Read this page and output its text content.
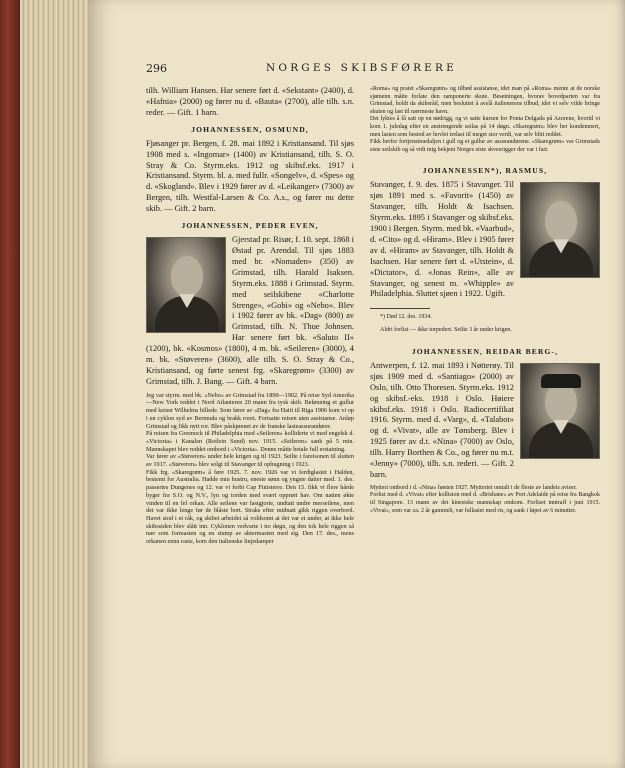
296	NORGES SKIBSFØRERE

tilh. William Hansen. Har senere ført d. «Sekstant» (2400), d. «Hafnia» (2000) og fører nu d. «Bauta» (2700), alle tilh. s.n. reder. — Gift. 1 barn.

JOHANNESSEN, OSMUND,

Fjøsanger pr. Bergen, f. 28. mai 1892 i Kristiansand. Til sjøs 1908 med s. «Ingomar» (1400) av Kristiansand, tilh. S. O. Stray & Co. Styrm.eks. 1912 og skibsf.eks. 1917 i Kristiansand. Styrm. bl. a. med fullr. «Songelv», d. «Spes» og d. «Skogland». Blev i 1929 fører av d. «Leikanger» (7300) av Bergen, tilh. Westfal-Larsen & Co. A.s., og fører nu dette skib. — Gift. 2 barn.

JOHANNESSEN, PEDER EVEN,

Gjerstad pr. Risør, f. 10. sept. 1868 i Østad pr. Arendal. Til sjøs 1883 med br. «Nomaden» (350) av Grimstad, tilh. Harald Isaksen. Styrm.eks. 1888 i Grimstad. Styrm. med seilskibene «Charlotte Strenge», «Gobi» og «Nebo». Blev i 1902 fører av bk. «Dag» (800) av Grimstad, tilh. N. Thue Johnsen. Har senere ført bk. «Saluto II» (1200), bk. «Kosmos» (1800), 4 m. bk. «Seileren» (3000), 4 m. bk. «Støveren» (3600), alle tilh. S. O. Stray & Co., Kristiansand, og førte senest frg. «Skaregrøm» (3300) av Grimstad, tilh. J. Bang. — Gift. 4 barn.

Jeg var styrm. med bk. «Nebo» av Grimstad fra 1890—1902. På reise Syd Amerika—New York reddet i Nord Atlanteren 20 mann fra tysk skib. Belønning et gullur med keiser Wilhelms billede. Som fører av «Dag» fra Haiti til Riga 1906 kom vi op i en cyklon syd av Bermuda og brakk roret. Fortsatte reisen uten assistanse. Anløp Grimstad og fikk nytt ror. Blev påskjønnet av de franske lasteassurandører.

På reisen fra Greenock til Philadelphia med «Seileren» kolliderte vi med engelsk d. «Victoria» i Kanalen (Rotlein Sund) nov. 1915. «Seileren» sank på 5 min. Mannskapet blev reddet ombord i «Victoria». Denne måtte betale full erstatning.

Var fører av «Støveren» under hele krigen og til 1923. Seilte i fareisonen til slutten av 1917. «Støveren» blev solgt til Stavanger til opbugning i 1923.

Fikk frg. «Skaregrøm» å føre 1925. 7. nov. 1926 var vi ferdiglastet i Halden, bestemt for Australia. Hadde min hustru, eneste sønn og yngste datter med. 1. des. passertes Dungenes og 12. var vi forbi Cap Finisterre. Den 15. fikk vi flere hårde byger fra S.O. og N.V., lyn og torden med svært opprørt hav. Om natten økte vinden til en fel orkan. Alle seilene var fastgjorte, undtatt undre merseilene, men det var ikke lenge før de blåste bort. Straks efter midnatt gikk riggen overbord. Havet stod i et råk, og skibet arbeidet så voldsomt at det var et under, at ikke hele skibssiden blev slått inn. Cyklonen vedvarte i tre døgn, og den tok hele riggen så nær som formasten og en stump av aktermasten med sig. Den 17. des., mens orkanen ennu raste, kom den italienske linjedamper

«Roma» og praiet «Skaregrøm» og tilbød assistanse, idet man på «Roma» mente at de norske sjømenn måtte forlate den ramponerte skute. Besetningen, hvorav hovedparten var fra Grimstad, holdt da skibsråd, men besluttet å avslå italienerens tilbud, idet vi selv vilde bringe skuten og last til nærmeste havn.

Det lyktes å få satt op en nødrigg, og vi satte kursen for Ponta Delgada på Azorene, hvortil vi kom 1. juledag efter en anstrengende seilas på 14 døgn. «Skaregrøm» blev her kondemnert, men lasten som bestod av hovlet trelast til meget stor verdi, var selv blitt reddet.

Fikk herfor fortjenstmedaljen i gull og et gullur av assurandørene. «Skaregrøm» var Grimstads siste seilskib og så vidt mig bekjent Norges siste skveerigger der var i fart.

JOHANNESSEN*), RASMUS,

Stavanger, f. 9. des. 1875 i Stavanger. Til sjøs 1891 med s. «Favorit» (1450) av Stavanger, tilh. Holdt & Isachsen. Styrm.eks. 1895 i Stavanger og skibsf.eks. 1900 i Bergen. Styrm. med bk. «Vaarbud», d. «Cito» og d. «Hiram». Blev i 1905 fører av d. «Hiram» av Stavanger, tilh. Holdt & Isachsen. Har senere ført d. «Utstein», d. «Dictator», d. «Jonas Rein», alle av Stavanger, og senest m. «Whipple» av Philadelphia. Sluttet sjøen i 1922. Ugift.

*) Død 12. des. 1934.

Aldri forlist — ikke torpedert. Seilte 3 år under krigen.

JOHANNESSEN, REIDAR BERG-,

Antwerpen, f. 12. mai 1893 i Nøtterøy. Til sjøs 1909 med d. «Santiago» (2000) av Oslo, tilh. Otto Thoresen. Styrm.eks. 1912 og skibsf.-eks. 1918 i Oslo. Høiere skibsf.eks. 1918 i Oslo. Radiocertifikat 1916. Styrm. med d. «Varg», d. «Talabot» og d. «Vivat», alle av Tønsberg. Blev i 1925 fører av d.t. «Nina» (7000) av Oslo, tilh. Harry Borthen & Co., og fører nu m.t. «Jenny» (7000), tilh. s.n. rederi. — Gift. 2 barn.

Mytteri ombord i d. «Nina» høsten 1927. Mytteriet omtalt i de fleste av landets aviser.

Forlist med d. «Vivat» efter kollision med d. «Brisbane» av Port Adelaide på reise fra Bangkok til Singapore. 13 mann av det kinesiske mannskap omkom. Forliset inntraff i juni 1915. «Vivat», som var ca. 2 år gammelt, var fullastet med ris, og sank i løpet av 6 minutter.
